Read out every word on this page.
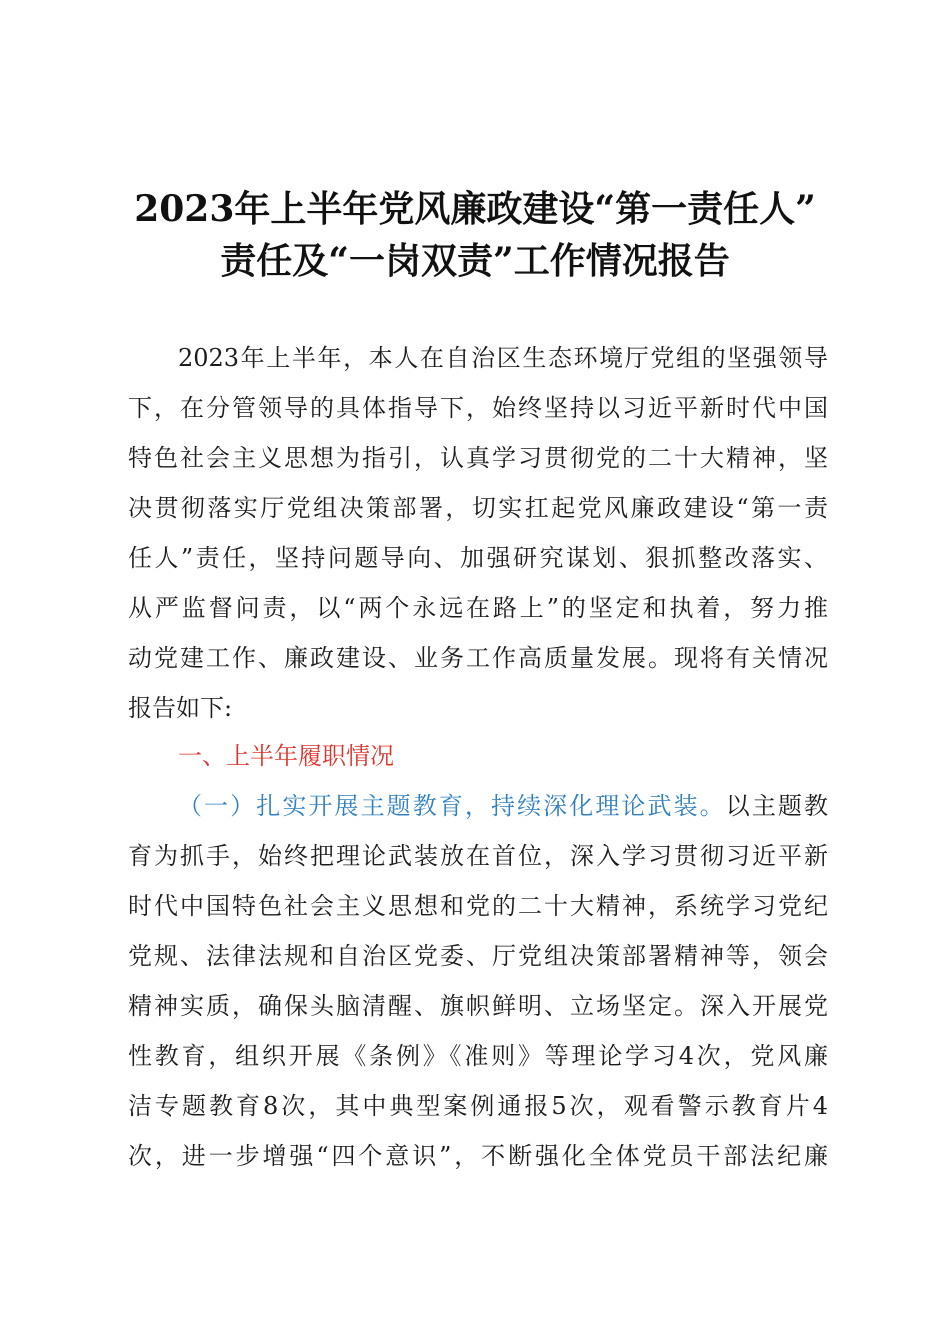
2023年上半年党风廉政建设“第一责任人”
责任及“一岗双责”工作情况报告
2023年上半年，本人在自治区生态环境厅党组的坚强领导
下，在分管领导的具体指导下，始终坚持以习近平新时代中国
特色社会主义思想为指引，认真学习贯彻党的二十大精神，坚
决贯彻落实厅党组决策部署，切实扛起党风廉政建设“第一责
任人”责任，坚持问题导向、加强研究谋划、狠抓整改落实、
从严监督问责，以“两个永远在路上”的坚定和执着，努力推
动党建工作、廉政建设、业务工作高质量发展。现将有关情况
报告如下:
一、上半年履职情况
（一）扎实开展主题教育，持续深化理论武装。以主题教
育为抓手，始终把理论武装放在首位，深入学习贯彻习近平新
时代中国特色社会主义思想和党的二十大精神，系统学习党纪
党规、法律法规和自治区党委、厅党组决策部署精神等，领会
精神实质，确保头脑清醒、旗帜鲜明、立场坚定。深入开展党
性教育，组织开展《条例》《准则》等理论学习4次，党风廉
洁专题教育8次，其中典型案例通报5次，观看警示教育片4
次，进一步增强“四个意识”，不断强化全体党员干部法纪廉
